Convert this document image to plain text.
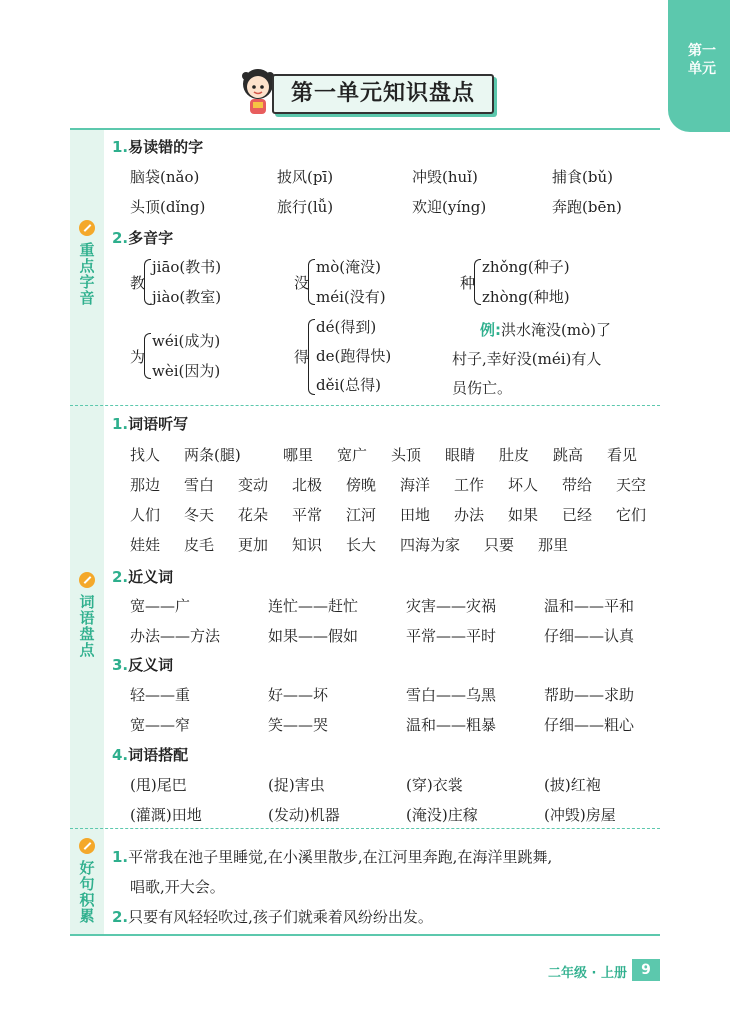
第一单元
第一单元知识盘点
重点字音
词语盘点
好句积累
1.易读错的字
脑袋(nǎo)	披风(pī)	冲毁(huǐ)	捕食(bǔ)
头顶(dǐng)	旅行(lǚ)	欢迎(yíng)	奔跑(bēn)
2.多音字
教
jiāo(教书)
jiào(教室)
没
mò(淹没)
méi(没有)
种
zhǒng(种子)
zhòng(种地)
为
wéi(成为)
wèi(因为)
得
dé(得到)
de(跑得快)
děi(总得)
例:洪水淹没(mò)了
村子,幸好没(méi)有人
员伤亡。
1.词语听写
找人 两条(腿)	哪里 宽广 头顶 眼睛 肚皮 跳高 看见
那边 雪白 变动 北极 傍晚 海洋 工作 坏人 带给 天空
人们 冬天 花朵 平常 江河 田地 办法 如果 已经 它们
娃娃 皮毛 更加 知识 长大 四海为家 只要 那里
2.近义词
宽——广	连忙——赶忙	灾害——灾祸	温和——平和
办法——方法	如果——假如	平常——平时	仔细——认真
3.反义词
轻——重	好——坏	雪白——乌黑	帮助——求助
宽——窄	笑——哭	温和——粗暴	仔细——粗心
4.词语搭配
(甩)尾巴	(捉)害虫	(穿)衣裳	(披)红袍
(灌溉)田地	(发动)机器	(淹没)庄稼	(冲毁)房屋
1.平常我在池子里睡觉,在小溪里散步,在江河里奔跑,在海洋里跳舞,
唱歌,开大会。
2.只要有风轻轻吹过,孩子们就乘着风纷纷出发。
二年级 · 上册	9
